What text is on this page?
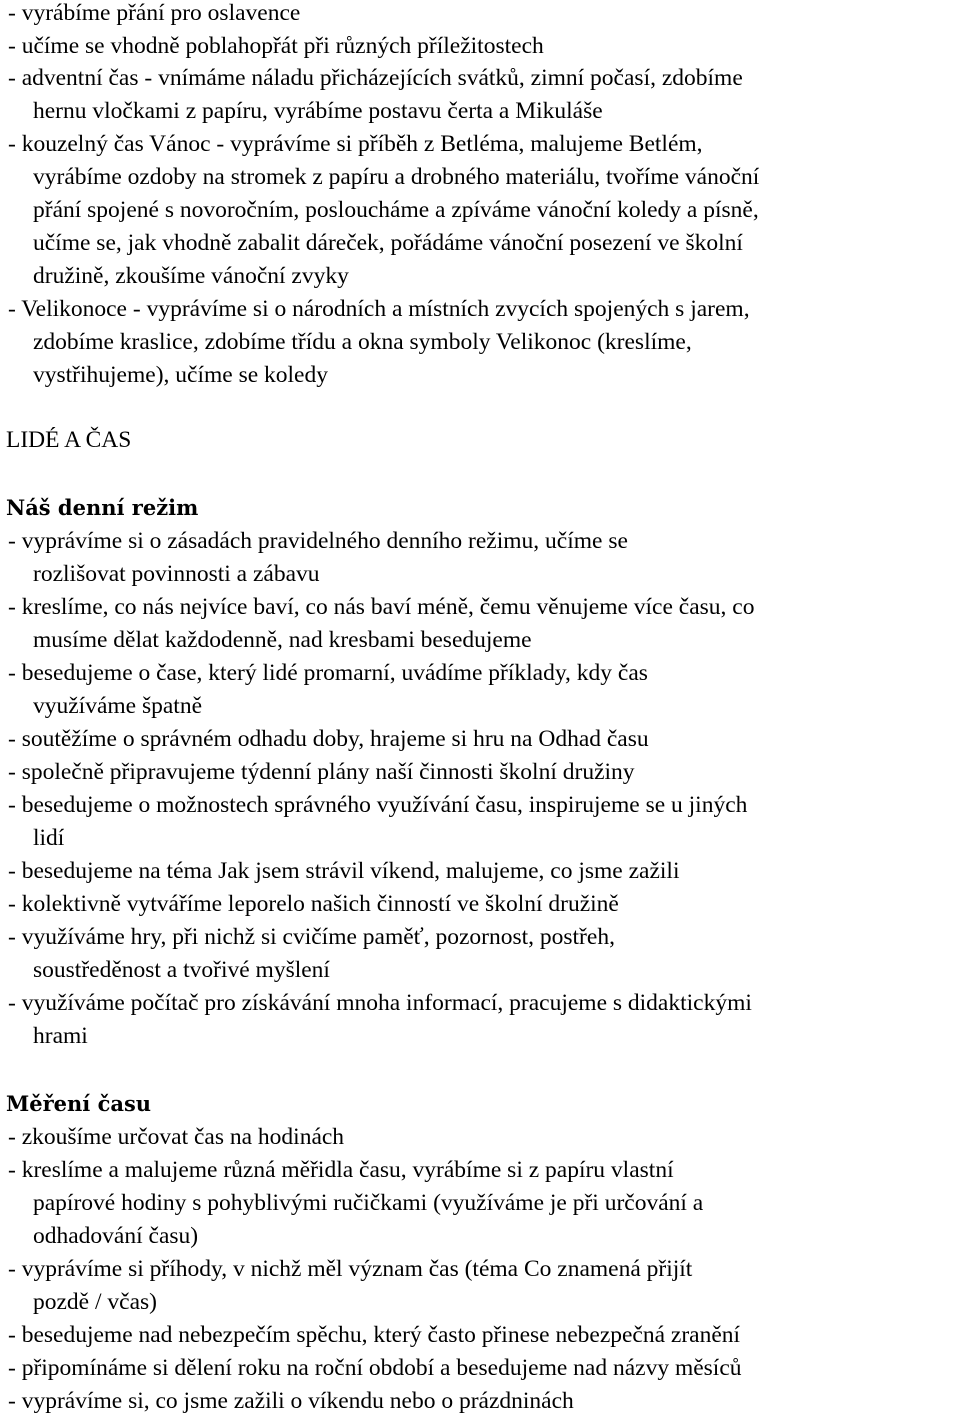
- vyrábíme přání pro oslavence
- učíme se vhodně poblahopřát při různých příležitostech
- adventní čas - vnímáme náladu přicházejících svátků, zimní počasí, zdobíme
hernu vločkami z papíru, vyrábíme postavu čerta a Mikuláše
- kouzelný čas Vánoc - vyprávíme si příběh z Betléma, malujeme Betlém,
vyrábíme ozdoby na stromek z papíru a drobného materiálu, tvoříme vánoční
přání spojené s novoročním, posloucháme a zpíváme vánoční koledy a písně,
učíme se, jak vhodně zabalit dáreček, pořádáme vánoční posezení ve školní
družině, zkoušíme vánoční zvyky
- Velikonoce - vyprávíme si o národních a místních zvycích spojených s jarem,
zdobíme kraslice, zdobíme třídu a okna symboly Velikonoc (kreslíme,
vystřihujeme), učíme se koledy
LIDÉ A ČAS
Náš denní režim
- vyprávíme si o zásadách pravidelného denního režimu, učíme se
rozlišovat povinnosti a zábavu
- kreslíme, co nás nejvíce baví, co nás baví méně, čemu věnujeme více času, co
musíme dělat každodenně, nad kresbami besedujeme
- besedujeme o čase, který lidé promarní, uvádíme příklady, kdy čas
využíváme špatně
- soutěžíme o správném odhadu doby, hrajeme si hru na Odhad času
- společně připravujeme týdenní plány naší činnosti školní družiny
- besedujeme o možnostech správného využívání času, inspirujeme se u jiných
lidí
- besedujeme na téma Jak jsem strávil víkend, malujeme, co jsme zažili
- kolektivně vytváříme leporelo našich činností ve školní družině
- využíváme hry, při nichž si cvičíme paměť, pozornost, postřeh,
soustředěnost a tvořivé myšlení
- využíváme počítač pro získávání mnoha informací, pracujeme s didaktickými
hrami
Měření času
- zkoušíme určovat čas na hodinách
- kreslíme a malujeme různá měřidla času, vyrábíme si z papíru vlastní
papírové hodiny s pohyblivými ručičkami (využíváme je při určování a
odhadování času)
- vyprávíme si příhody, v nichž měl význam čas (téma Co znamená přijít
pozdě / včas)
- besedujeme nad nebezpečím spěchu, který často přinese nebezpečná zranění
- připomínáme si dělení roku na roční období a besedujeme nad názvy měsíců
- vyprávíme si, co jsme zažili o víkendu nebo o prázdninách
